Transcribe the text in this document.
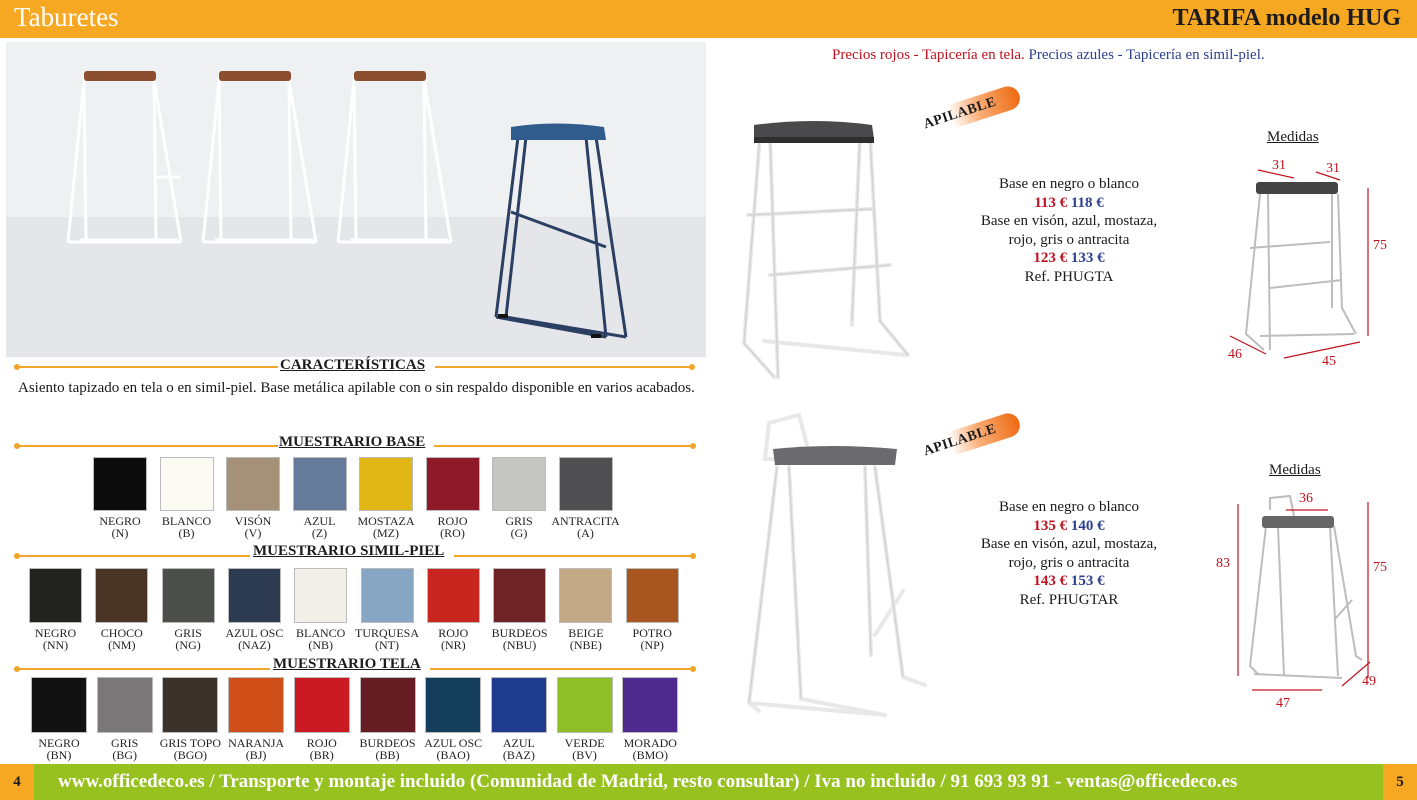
Taburetes	TARIFA modelo HUG
CARACTERÍSTICAS
Asiento tapizado en tela o en simil-piel. Base metálica apilable con o sin respaldo disponible en varios acabados.
MUESTRARIO BASE
NEGRO
(N)
BLANCO
(B)
VISÓN
(V)
AZUL
(Z)
MOSTAZA
(MZ)
ROJO
(RO)
GRIS
(G)
ANTRACITA
(A)
MUESTRARIO SIMIL-PIEL
NEGRO
(NN)
CHOCO
(NM)
GRIS
(NG)
AZUL OSC
(NAZ)
BLANCO
(NB)
TURQUESA
(NT)
ROJO
(NR)
BURDEOS
(NBU)
BEIGE
(NBE)
POTRO
(NP)
MUESTRARIO TELA
NEGRO
(BN)
GRIS
(BG)
GRIS TOPO
(BGO)
NARANJA
(BJ)
ROJO
(BR)
BURDEOS
(BB)
AZUL OSC
(BAO)
AZUL
(BAZ)
VERDE
(BV)
MORADO
(BMO)
Precios rojos - Tapicería en tela. Precios azules - Tapicería en simil-piel.
APILABLE
Base en negro o blanco
113 € 118 €
Base en visón, azul, mostaza,
rojo, gris o antracita
123 € 133 €
Ref. PHUGTA
Medidas
31	31
75
46	45
APILABLE
Base en negro o blanco
135 € 140 €
Base en visón, azul, mostaza,
rojo, gris o antracita
143 € 153 €
Ref. PHUGTAR
Medidas
36
83	75
49
47
4	www.officedeco.es / Transporte y montaje incluido (Comunidad de Madrid, resto consultar) / Iva no incluido / 91 693 93 91 - ventas@officedeco.es	5
